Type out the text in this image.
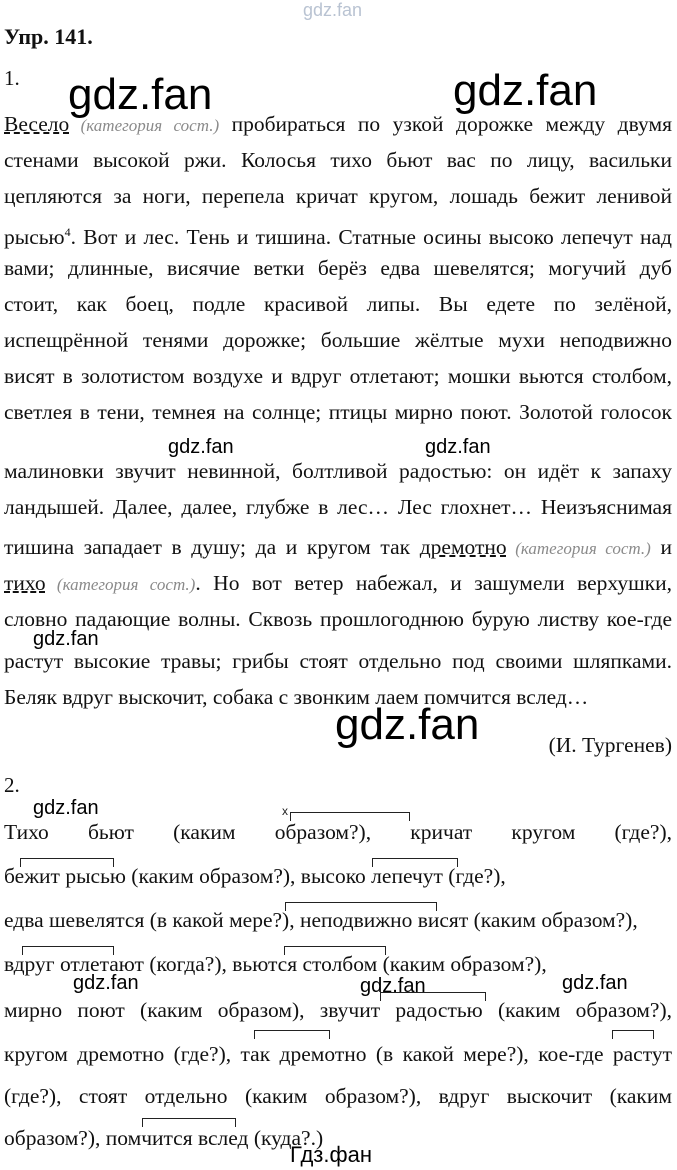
gdz.fan
Упр. 141.
1. gdz.fan	gdz.fan
Весело (категория сост.) пробираться по узкой дорожке между двумя
стенами высокой ржи. Колосья тихо бьют вас по лицу, васильки
цепляются за ноги, перепела кричат кругом, лошадь бежит ленивой
рысью$^4$. Вот и лес. Тень и тишина. Статные осины высоко лепечут над
вами; длинные, висячие ветки берёз едва шевелятся; могучий дуб
стоит, как боец, подле красивой липы. Вы едете по зелёной,
испещрённой тенями дорожке; большие жёлтые мухи неподвижно
висят в золотистом воздухе и вдруг отлетают; мошки вьются столбом,
светлея в тени, темнея на солнце; птицы мирно поют. Золотой голосок
gdz.fan	gdz.fan
малиновки звучит невинной, болтливой радостью: он идёт к запаху
ландышей. Далее, далее, глубже в лес… Лес глохнет… Неизъяснимая
тишина западает в душу; да и кругом так дремотно (категория сост.) и
тихо (категория сост.). Но вот ветер набежал, и зашумели верхушки,
словно падающие волны. Сквозь прошлогоднюю бурую листву кое-где
gdz.fan
растут высокие травы; грибы стоят отдельно под своими шляпками.
Беляк вдруг выскочит, собака с звонким лаем помчится вслед…
gdz.fan	(И. Тургенев)
2.
gdz.fan	x
Тихо бьют (каким образом?), кричат кругом (где?),
бежит рысью (каким образом?), высоко лепечут (где?),
едва шевелятся (в какой мере?), неподвижно висят (каким образом?),
вдруг отлетают (когда?), вьются столбом (каким образом?),
gdz.fan	gdz.fan	gdz.fan
мирно поют (каким образом), звучит радостью (каким образом?),
кругом дремотно (где?), так дремотно (в какой мере?), кое-где растут
(где?), стоят отдельно (каким образом?), вдруг выскочит (каким
образом?), помчится вслед (куда?.)
Гдз.фан
